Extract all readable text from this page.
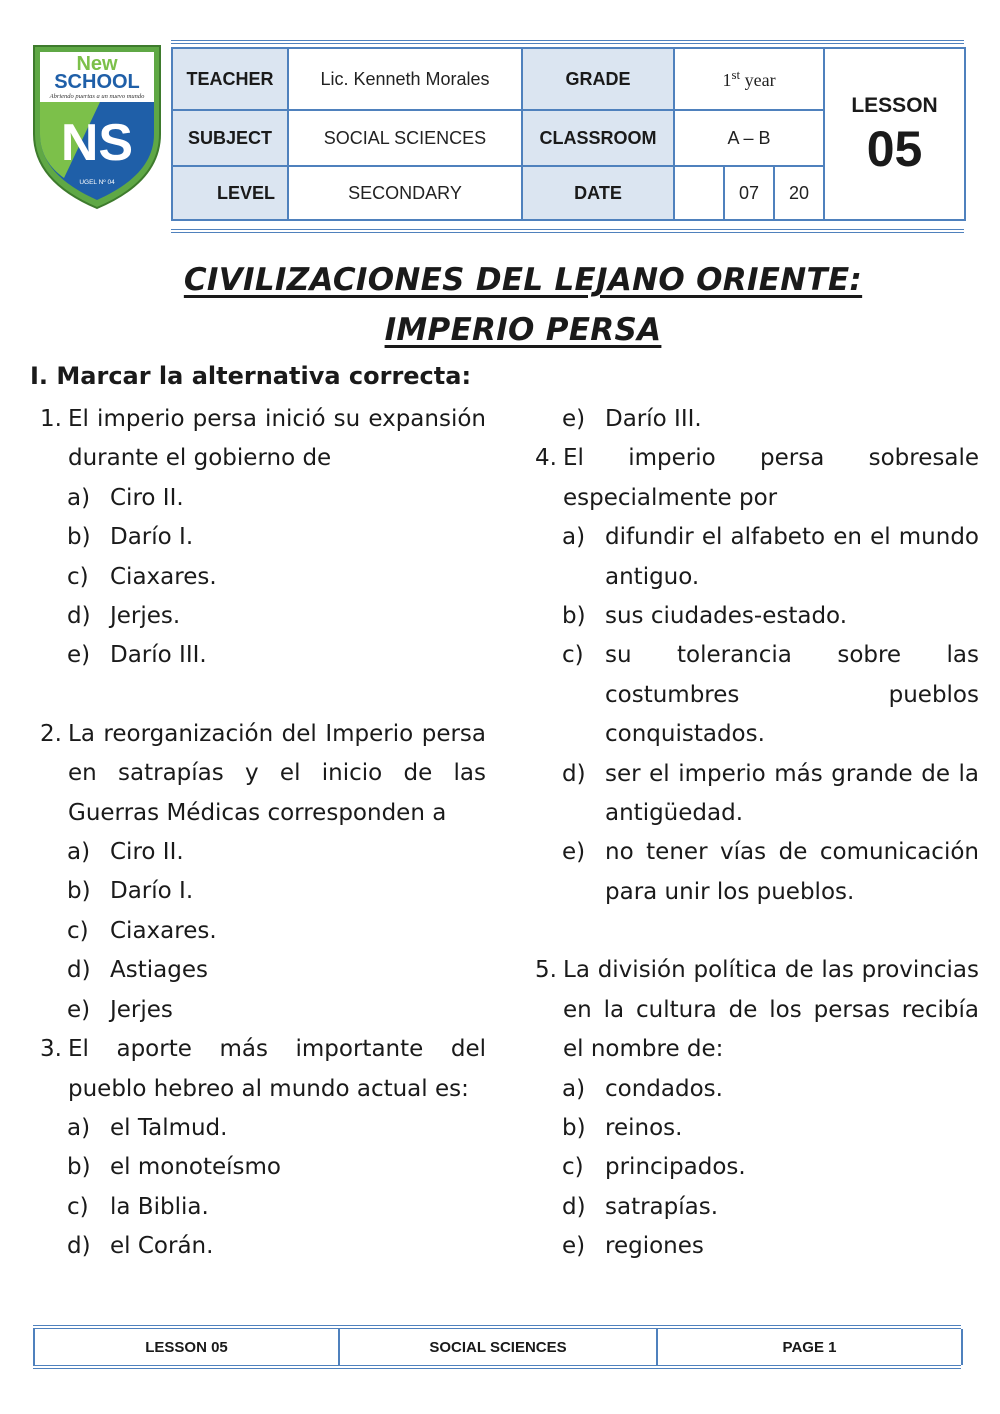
New
SCHOOL
Abriendo puertas a un nuevo mundo
NS
UGEL Nº 04
TEACHER	Lic. Kenneth Morales	GRADE	1st year			LESSON
05

SUBJECT	SOCIAL SCIENCES	CLASSROOM	A – B			
LEVEL	SECONDARY	DATE		07	20	
CIVILIZACIONES DEL LEJANO ORIENTE:
IMPERIO PERSA
I. Marcar la alternativa correcta:
1. El imperio persa inició su expansión durante el gobierno de
a) Ciro II.
b) Darío I.
c) Ciaxares.
d) Jerjes.
e) Darío III.
2. La reorganización del Imperio persa en satrapías y el inicio de las Guerras Médicas corresponden a
a) Ciro II.
b) Darío I.
c) Ciaxares.
d) Astiages
e) Jerjes
3. El aporte más importante del pueblo hebreo al mundo actual es:
a) el Talmud.
b) el monoteísmo
c) la Biblia.
d) el Corán.
e) Darío III.
4. El imperio persa sobresale especialmente por
a) difundir el alfabeto en el mundo antiguo.
b) sus ciudades-estado.
c) su tolerancia sobre las costumbres pueblos conquistados.
d) ser el imperio más grande de la antigüedad.
e) no tener vías de comunicación para unir los pueblos.
5. La división política de las provincias en la cultura de los persas recibía el nombre de:
a) condados.
b) reinos.
c) principados.
d) satrapías.
e) regiones
LESSON 05	SOCIAL SCIENCES	PAGE 1
